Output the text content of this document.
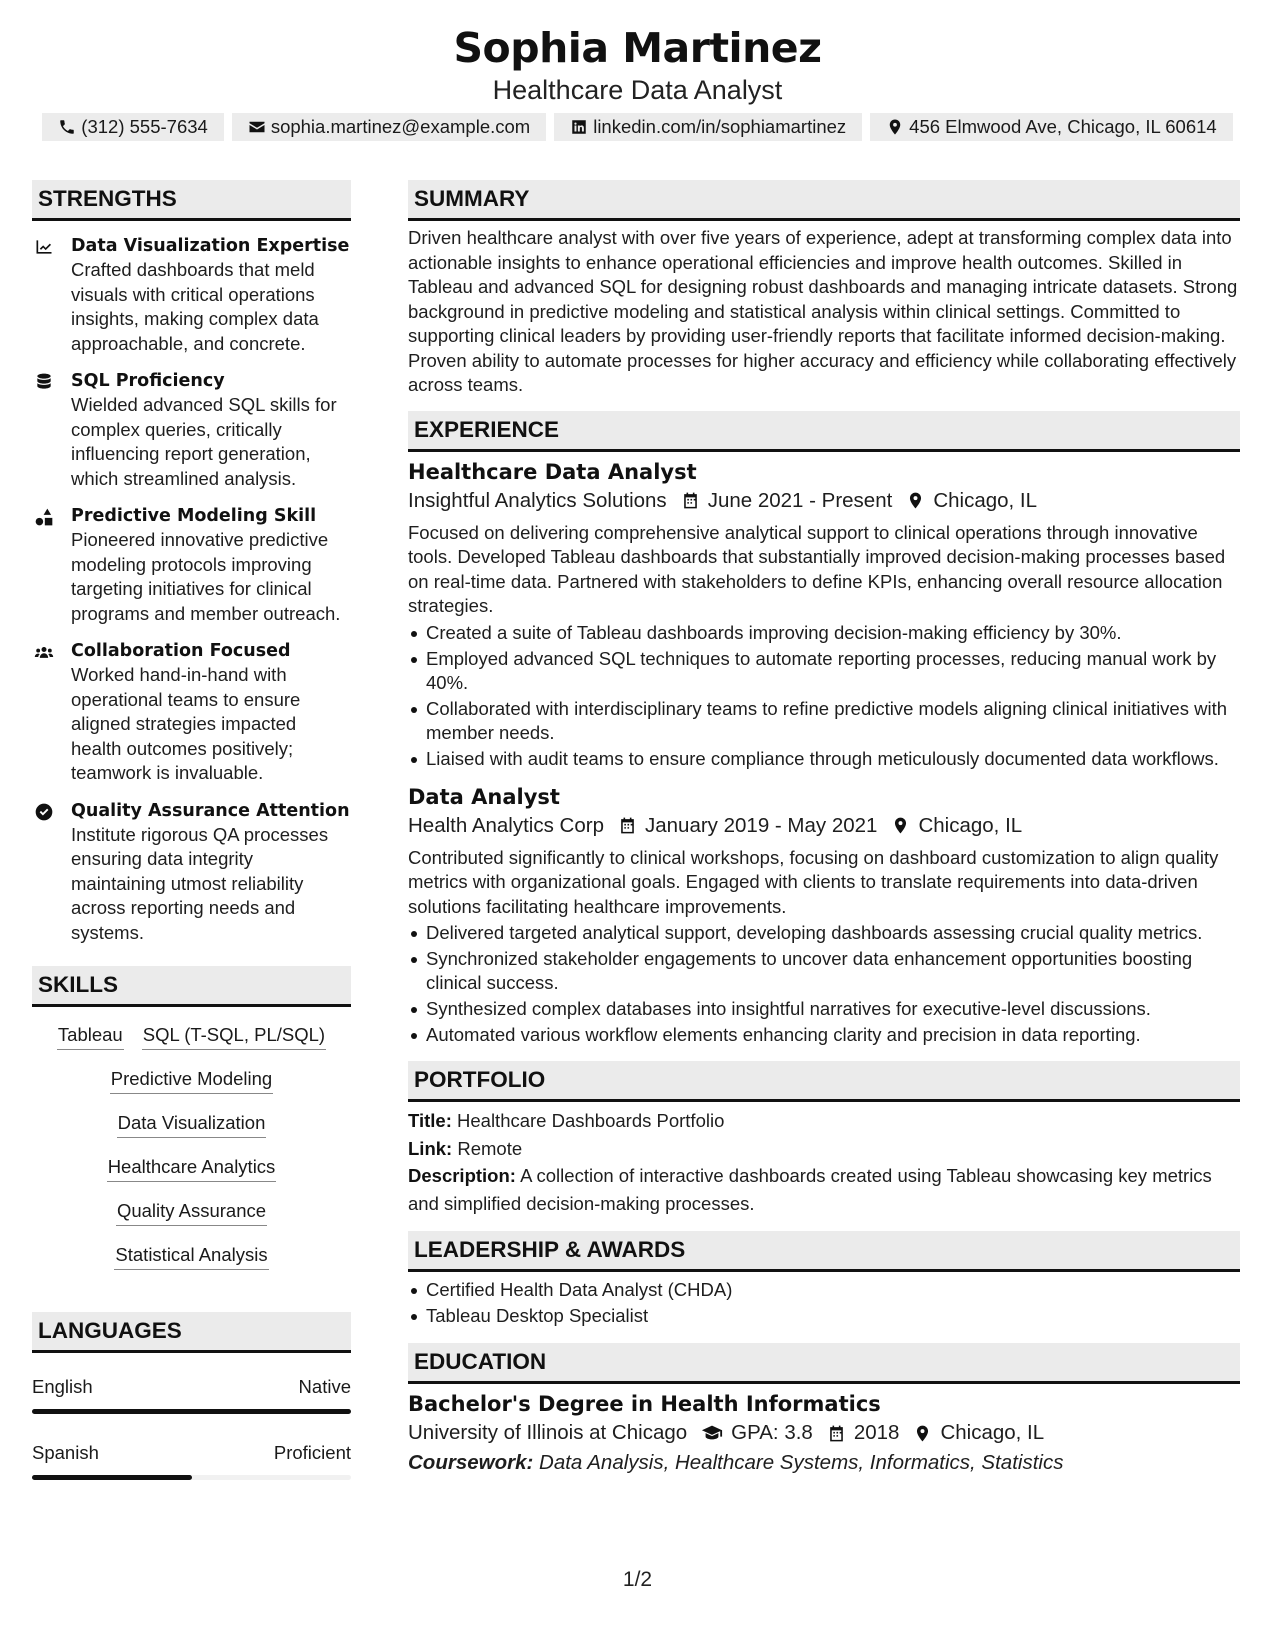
Sophia Martinez
Healthcare Data Analyst
(312) 555-7634	sophia.martinez@example.com	linkedin.com/in/sophiamartinez	456 Elmwood Ave, Chicago, IL 60614
STRENGTHS
Data Visualization Expertise
Crafted dashboards that meld visuals with critical operations insights, making complex data approachable, and concrete.
SQL Proficiency
Wielded advanced SQL skills for complex queries, critically influencing report generation, which streamlined analysis.
Predictive Modeling Skill
Pioneered innovative predictive modeling protocols improving targeting initiatives for clinical programs and member outreach.
Collaboration Focused
Worked hand-in-hand with operational teams to ensure aligned strategies impacted health outcomes positively; teamwork is invaluable.
Quality Assurance Attention
Institute rigorous QA processes ensuring data integrity maintaining utmost reliability across reporting needs and systems.
SKILLS
Tableau SQL (T-SQL, PL/SQL)
Predictive Modeling
Data Visualization
Healthcare Analytics
Quality Assurance
Statistical Analysis
LANGUAGES
English	Native
Spanish	Proficient
SUMMARY
Driven healthcare analyst with over five years of experience, adept at transforming complex data into actionable insights to enhance operational efficiencies and improve health outcomes. Skilled in Tableau and advanced SQL for designing robust dashboards and managing intricate datasets. Strong background in predictive modeling and statistical analysis within clinical settings. Committed to supporting clinical leaders by providing user-friendly reports that facilitate informed decision-making. Proven ability to automate processes for higher accuracy and efficiency while collaborating effectively across teams.
EXPERIENCE
Healthcare Data Analyst
Insightful Analytics Solutions June 2021 - Present Chicago, IL
Focused on delivering comprehensive analytical support to clinical operations through innovative tools. Developed Tableau dashboards that substantially improved decision-making processes based on real-time data. Partnered with stakeholders to define KPIs, enhancing overall resource allocation strategies.
Created a suite of Tableau dashboards improving decision-making efficiency by 30%.
Employed advanced SQL techniques to automate reporting processes, reducing manual work by 40%.
Collaborated with interdisciplinary teams to refine predictive models aligning clinical initiatives with member needs.
Liaised with audit teams to ensure compliance through meticulously documented data workflows.
Data Analyst
Health Analytics Corp January 2019 - May 2021 Chicago, IL
Contributed significantly to clinical workshops, focusing on dashboard customization to align quality metrics with organizational goals. Engaged with clients to translate requirements into data-driven solutions facilitating healthcare improvements.
Delivered targeted analytical support, developing dashboards assessing crucial quality metrics.
Synchronized stakeholder engagements to uncover data enhancement opportunities boosting clinical success.
Synthesized complex databases into insightful narratives for executive-level discussions.
Automated various workflow elements enhancing clarity and precision in data reporting.
PORTFOLIO
Title: Healthcare Dashboards Portfolio
Link: Remote
Description: A collection of interactive dashboards created using Tableau showcasing key metrics and simplified decision-making processes.
LEADERSHIP & AWARDS
Certified Health Data Analyst (CHDA)
Tableau Desktop Specialist
EDUCATION
Bachelor's Degree in Health Informatics
University of Illinois at Chicago GPA: 3.8 2018 Chicago, IL
Coursework: Data Analysis, Healthcare Systems, Informatics, Statistics
1/2
